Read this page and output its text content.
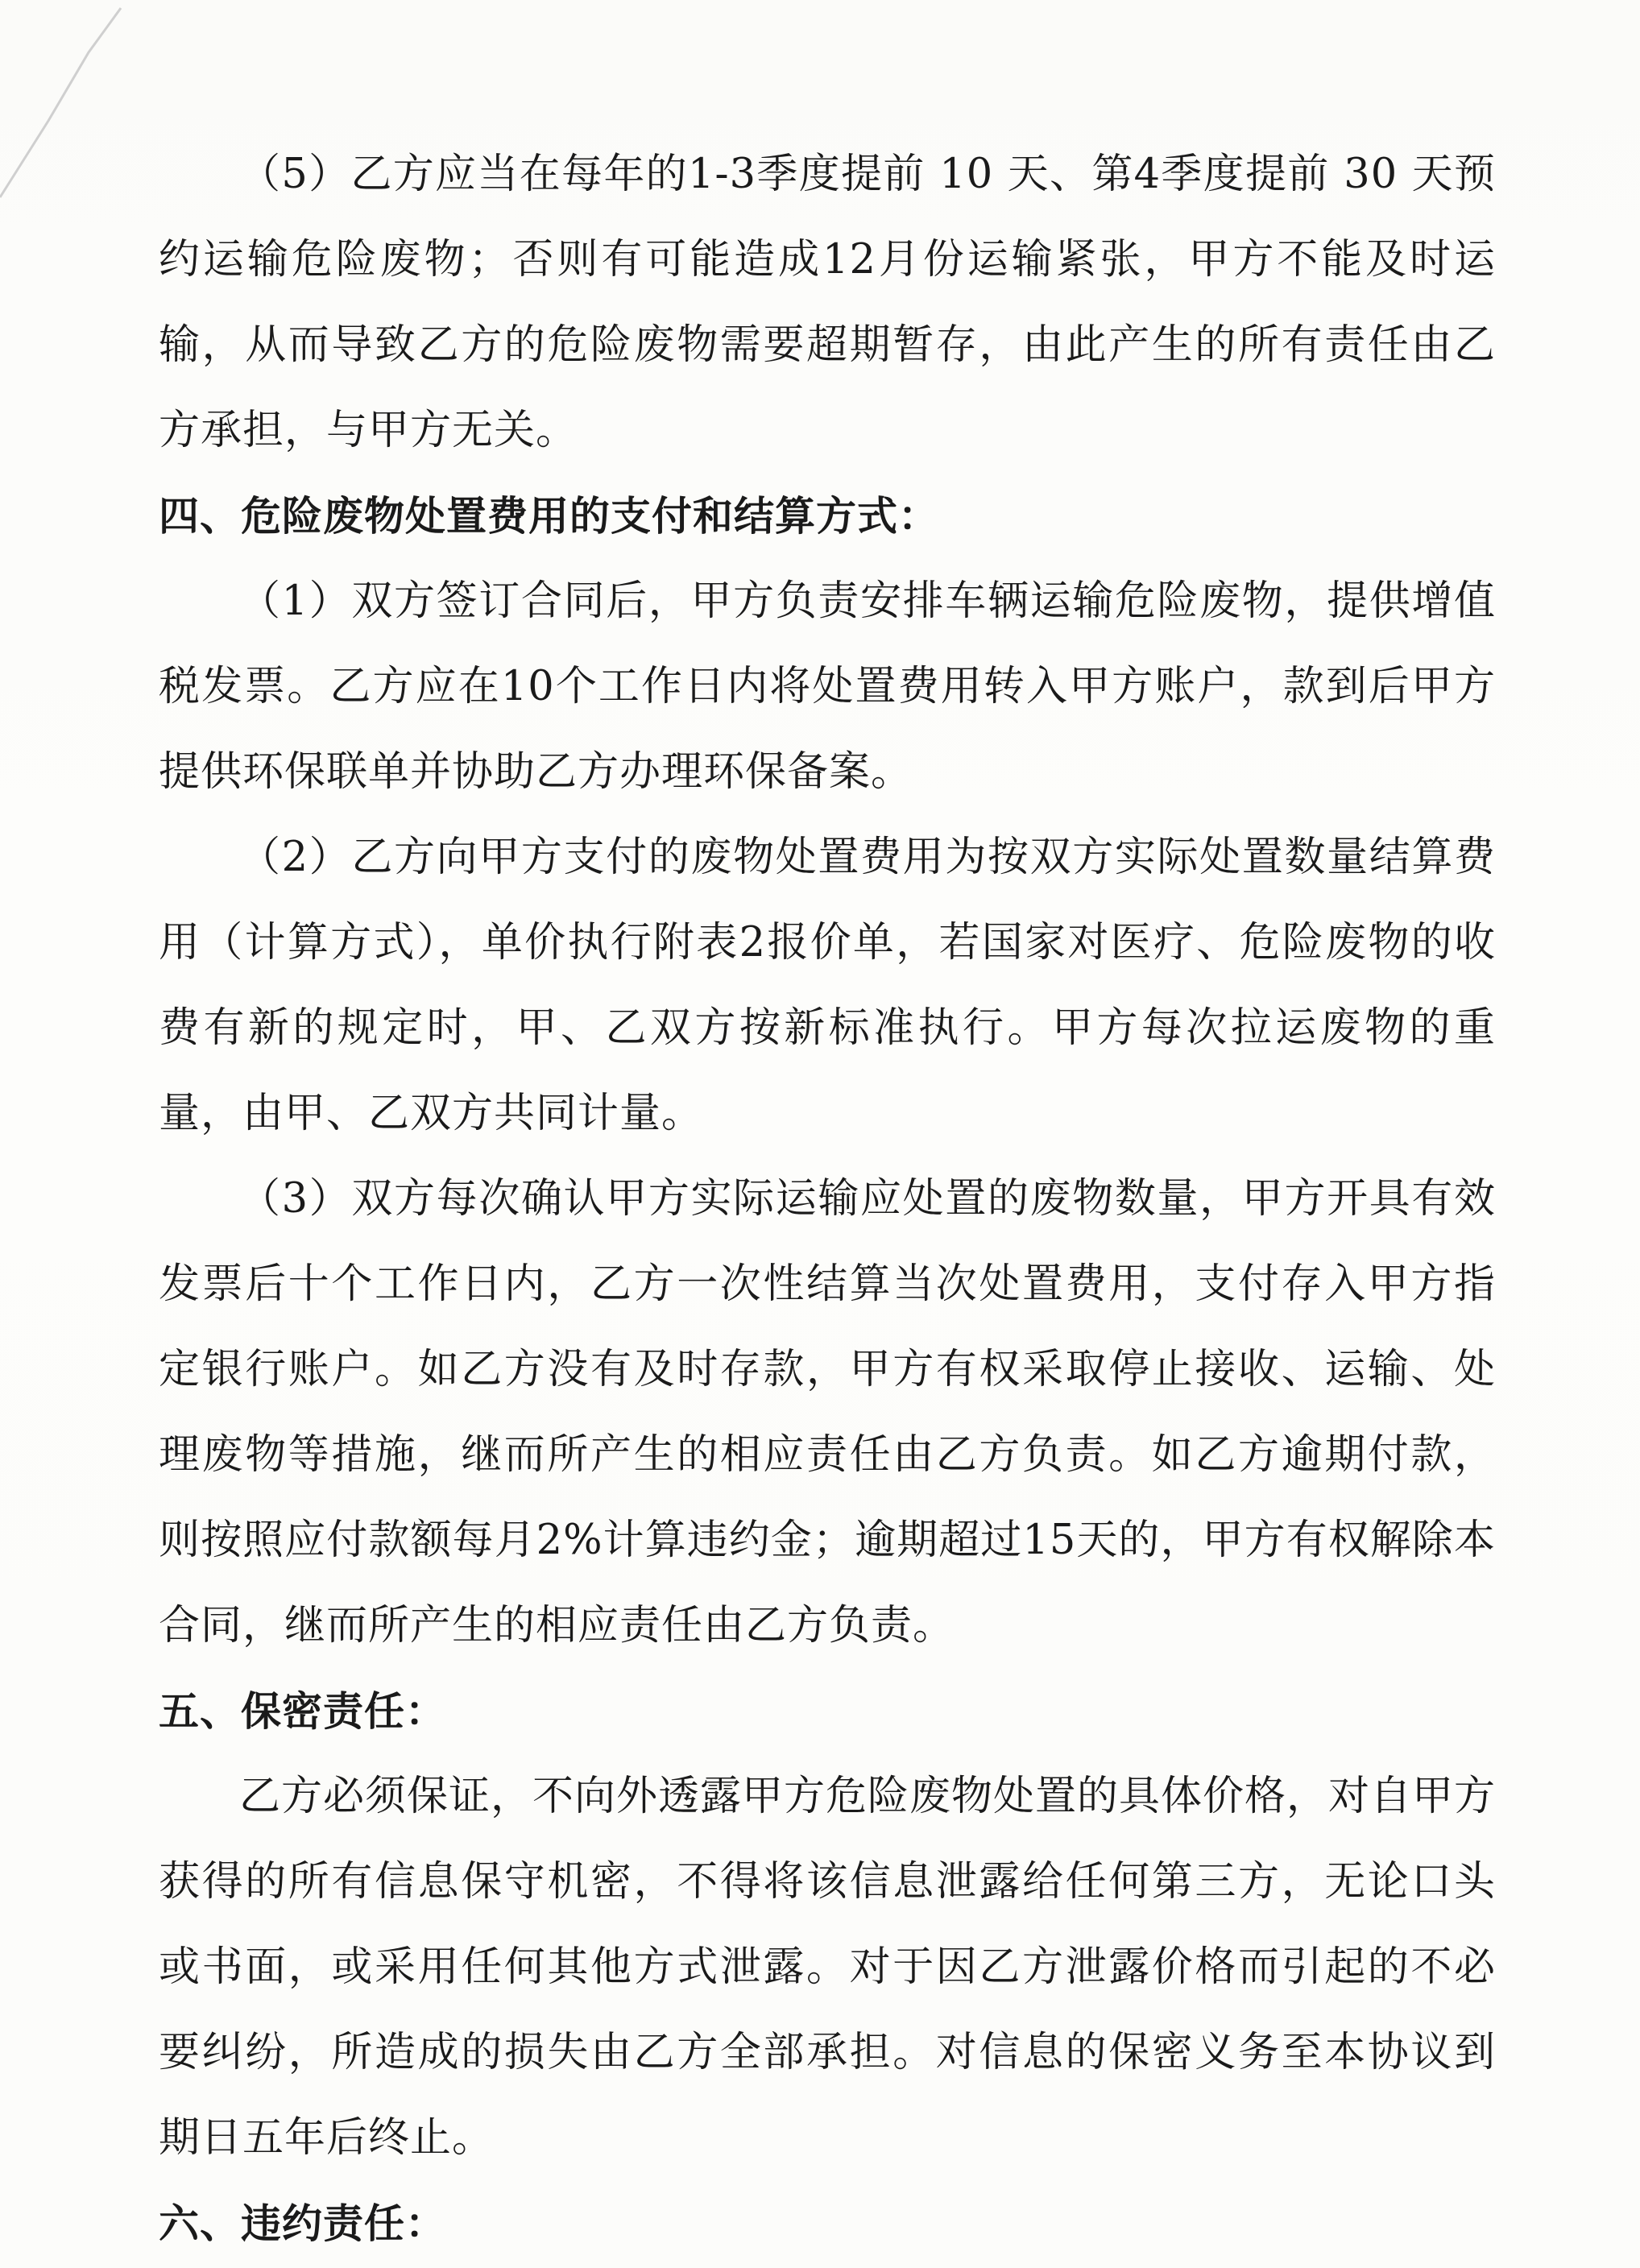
（5）乙方应当在每年的1-3季度提前 10 天、第4季度提前 30 天预约运输危险废物；否则有可能造成12月份运输紧张，甲方不能及时运输，从而导致乙方的危险废物需要超期暂存，由此产生的所有责任由乙方承担，与甲方无关。

四、危险废物处置费用的支付和结算方式：

（1）双方签订合同后，甲方负责安排车辆运输危险废物，提供增值税发票。乙方应在10个工作日内将处置费用转入甲方账户，款到后甲方提供环保联单并协助乙方办理环保备案。

（2）乙方向甲方支付的废物处置费用为按双方实际处置数量结算费用（计算方式），单价执行附表2报价单，若国家对医疗、危险废物的收费有新的规定时，甲、乙双方按新标准执行。甲方每次拉运废物的重量，由甲、乙双方共同计量。

（3）双方每次确认甲方实际运输应处置的废物数量，甲方开具有效发票后十个工作日内，乙方一次性结算当次处置费用，支付存入甲方指定银行账户。如乙方没有及时存款，甲方有权采取停止接收、运输、处理废物等措施，继而所产生的相应责任由乙方负责。如乙方逾期付款，则按照应付款额每月2%计算违约金；逾期超过15天的，甲方有权解除本合同，继而所产生的相应责任由乙方负责。

五、保密责任：

乙方必须保证，不向外透露甲方危险废物处置的具体价格，对自甲方获得的所有信息保守机密，不得将该信息泄露给任何第三方，无论口头或书面，或采用任何其他方式泄露。对于因乙方泄露价格而引起的不必要纠纷，所造成的损失由乙方全部承担。对信息的保密义务至本协议到期日五年后终止。

六、违约责任：
